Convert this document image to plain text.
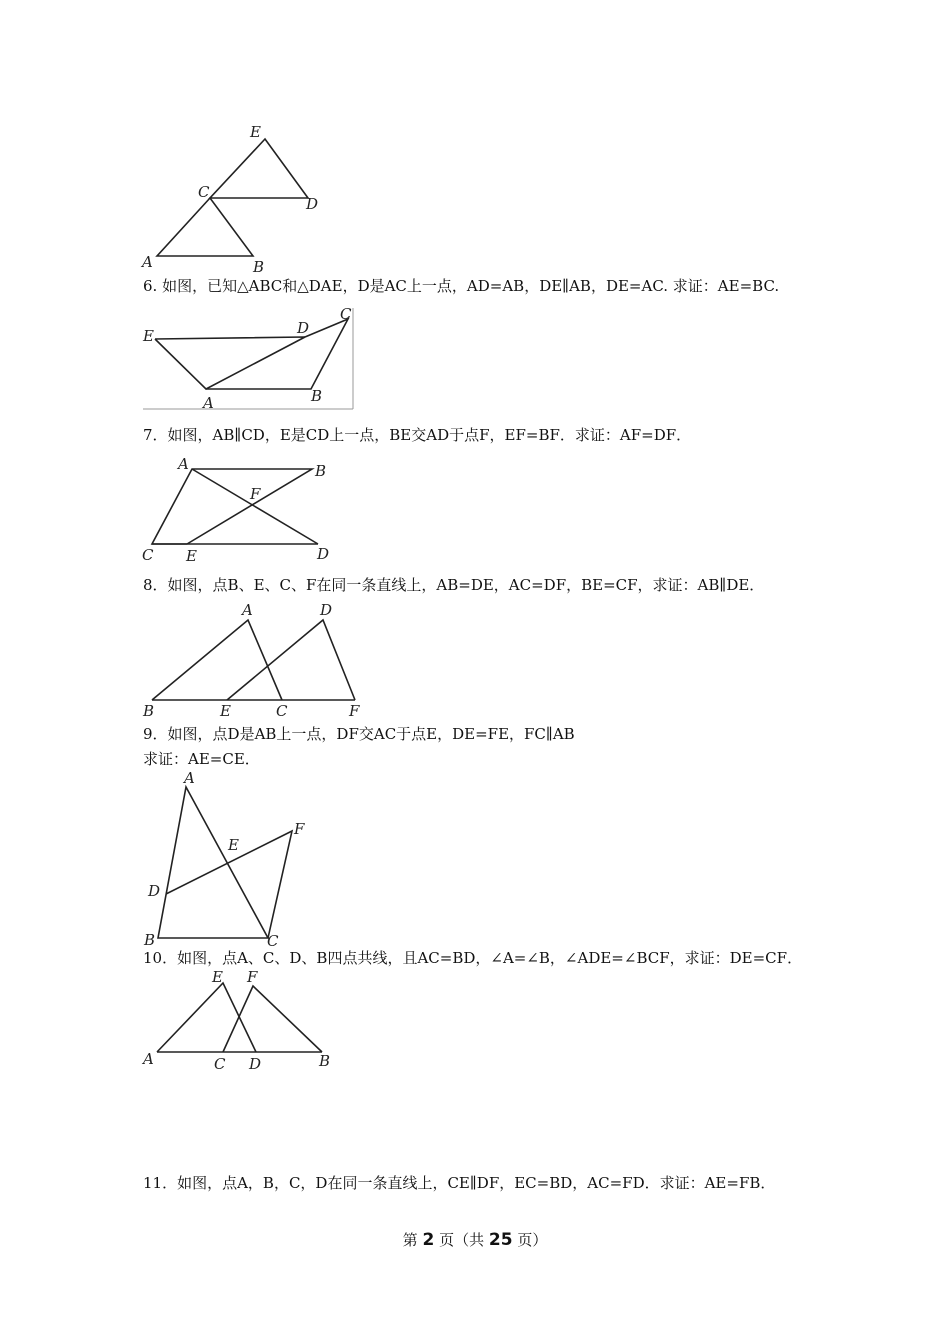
E
C
D
A	B
6. 如图，已知△ABC和△DAE，D是AC上一点，AD=AB，DE∥AB，DE=AC. 求证：AE=BC.
E	D
C
A	B
7．如图，AB∥CD，E是CD上一点，BE交AD于点F，EF=BF．求证：AF=DF．
A	B
F
C E	D
8．如图，点B、E、C、F在同一条直线上，AB=DE，AC=DF，BE=CF，求证：AB∥DE．
A	D
B	E	C	F
9．如图，点D是AB上一点，DF交AC于点E，DE=FE，FC∥AB
求证：AE=CE．
A
F
E
D
B	C
10．如图，点A、C、D、B四点共线，且AC=BD，∠A=∠B，∠ADE=∠BCF，求证：DE=CF．
E F
A	C D	B
11．如图，点A，B，C，D在同一条直线上，CE∥DF，EC=BD，AC=FD．求证：AE=FB．
第 2 页（共 25 页）
